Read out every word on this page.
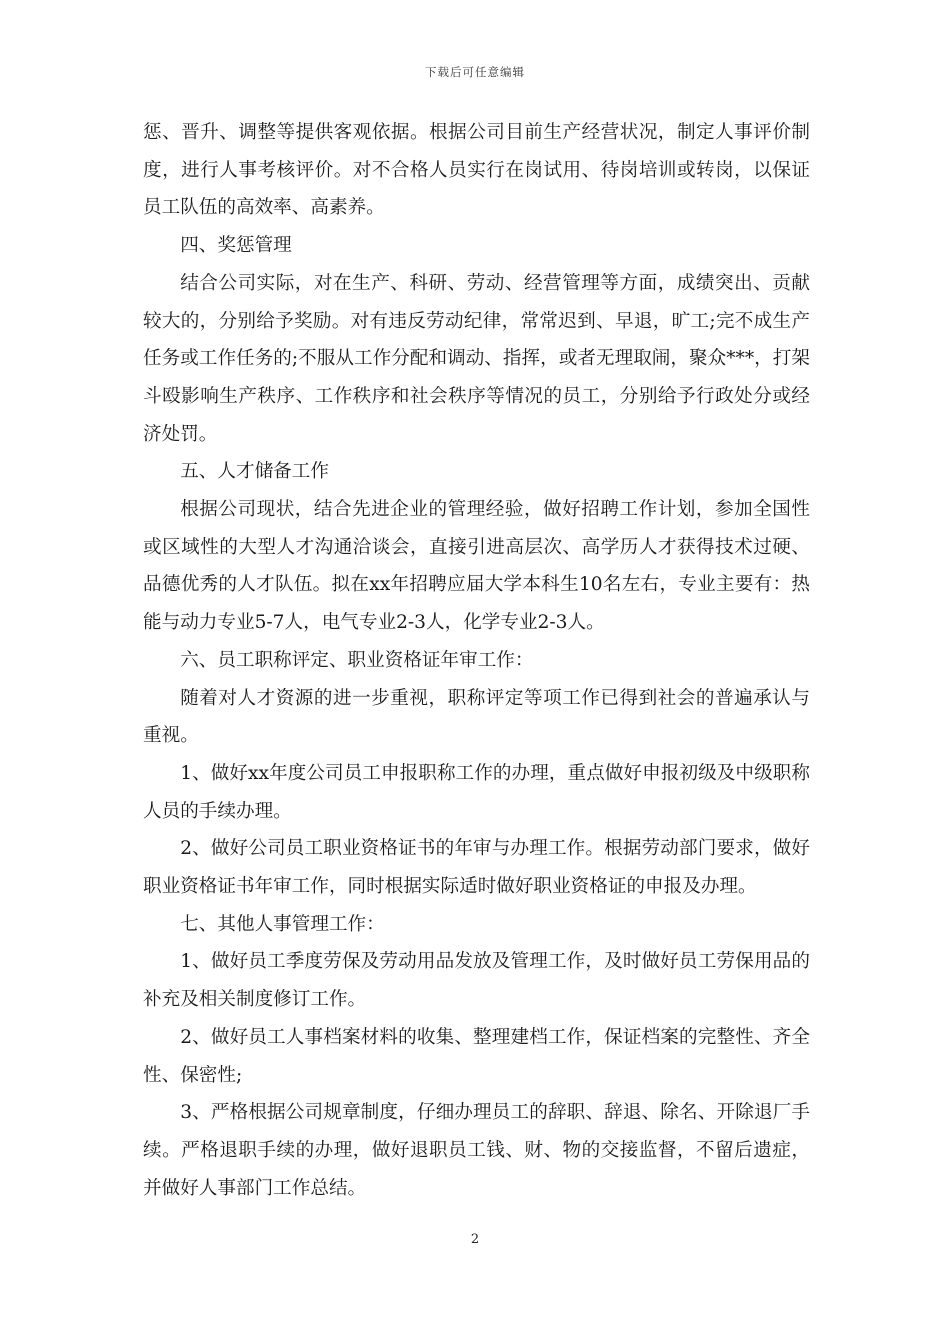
下载后可任意编辑

惩、晋升、调整等提供客观依据。根据公司目前生产经营状况，制定人事评价制度，进行人事考核评价。对不合格人员实行在岗试用、待岗培训或转岗，以保证员工队伍的高效率、高素养。

四、奖惩管理

结合公司实际，对在生产、科研、劳动、经营管理等方面，成绩突出、贡献较大的，分别给予奖励。对有违反劳动纪律，常常迟到、早退，旷工;完不成生产任务或工作任务的;不服从工作分配和调动、指挥，或者无理取闹，聚众***，打架斗殴影响生产秩序、工作秩序和社会秩序等情况的员工，分别给予行政处分或经济处罚。

五、人才储备工作

根据公司现状，结合先进企业的管理经验，做好招聘工作计划，参加全国性或区域性的大型人才沟通洽谈会，直接引进高层次、高学历人才获得技术过硬、品德优秀的人才队伍。拟在xx年招聘应届大学本科生10名左右，专业主要有：热能与动力专业5-7人，电气专业2-3人，化学专业2-3人。

六、员工职称评定、职业资格证年审工作：

随着对人才资源的进一步重视，职称评定等项工作已得到社会的普遍承认与重视。

1、做好xx年度公司员工申报职称工作的办理，重点做好申报初级及中级职称人员的手续办理。

2、做好公司员工职业资格证书的年审与办理工作。根据劳动部门要求，做好职业资格证书年审工作，同时根据实际适时做好职业资格证的申报及办理。

七、其他人事管理工作：

1、做好员工季度劳保及劳动用品发放及管理工作，及时做好员工劳保用品的补充及相关制度修订工作。

2、做好员工人事档案材料的收集、整理建档工作，保证档案的完整性、齐全性、保密性;

3、严格根据公司规章制度，仔细办理员工的辞职、辞退、除名、开除退厂手续。严格退职手续的办理，做好退职员工钱、财、物的交接监督，不留后遗症，并做好人事部门工作总结。

2
